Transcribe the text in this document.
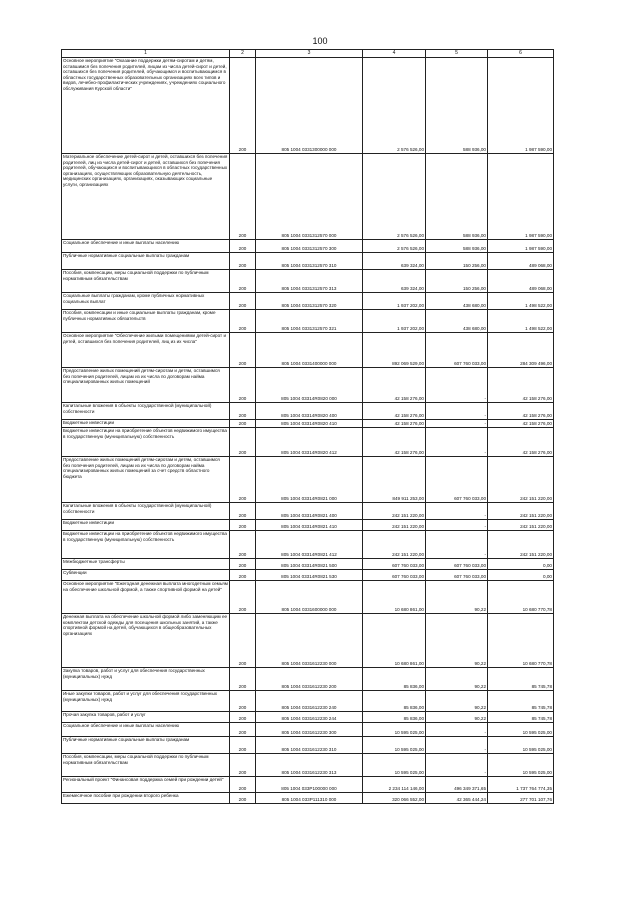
100
1	2	3	4	5	6
Основное мероприятие "Оказание поддержки детям-сиротам и детям, оставшимся без попечения родителей, лицам из числа детей-сирот и детей, оставшихся без попечения родителей, обучающимся и воспитывающимся в областных государственных образовательных организациях всех типов и видов, лечебно-профилактических учреждениях, учреждениях социального обслуживания Курской области"	200	805 1004 0331300000 000	2 576 526,00	588 936,00	1 987 590,00
Материальное обеспечение детей-сирот и детей, оставшихся без попечения родителей, лиц из числа детей-сирот и детей, оставшихся без попечения родителей, обучающихся и воспитывающихся в областных государственных организациях, осуществляющих образовательную деятельность, медицинских организациях, организациях, оказывающих социальные услуги, организациях	200	805 1004 0331312570 000	2 576 526,00	588 936,00	1 987 590,00
Социальное обеспечение и иные выплаты населению	200	805 1004 0331312570 300	2 576 526,00	588 936,00	1 987 590,00
Публичные нормативные социальные выплаты гражданам	200	805 1004 0331312570 310	639 324,00	150 256,00	489 068,00
Пособия, компенсации, меры социальной поддержки по публичным нормативным обязательствам	200	805 1004 0331312570 313	639 324,00	150 256,00	489 068,00
Социальные выплаты гражданам, кроме публичных нормативных социальных выплат	200	805 1004 0331312570 320	1 937 202,00	438 680,00	1 498 522,00
Пособия, компенсации и иные социальные выплаты гражданам, кроме публичных нормативных обязательств	200	805 1004 0331312570 321	1 937 202,00	438 680,00	1 498 522,00
Основное мероприятие "Обеспечение жилыми помещениями детей-сирот и детей, оставшихся без попечения родителей, лиц из их числа"	200	805 1004 0331400000 000	892 069 529,00	607 760 033,00	284 309 496,00
Предоставление жилых помещений детям-сиротам и детям, оставшимся без попечения родителей, лицам из их числа по договорам найма специализированных жилых помещений	200	805 1004 03314R0820 000	42 158 276,00	-	42 158 276,00
Капитальные вложения в объекты государственной (муниципальной) собственности	200	805 1004 03314R0820 400	42 158 276,00	-	42 158 276,00
Бюджетные инвестиции	200	805 1004 03314R0820 410	42 158 276,00	-	42 158 276,00
Бюджетные инвестиции на приобретение объектов недвижимого имущества в государственную (муниципальную) собственность	200	805 1004 03314R0820 412	42 158 276,00	-	42 158 276,00
Предоставление жилых помещений детям-сиротам и детям, оставшимся без попечения родителей, лицам из их числа по договорам найма специализированных жилых помещений за счет средств областного бюджета	200	805 1004 03314R0821 000	849 911 253,00	607 760 033,00	242 151 220,00
Капитальные вложения в объекты государственной (муниципальной) собственности	200	805 1004 03314R0821 400	242 151 220,00	-	242 151 220,00
Бюджетные инвестиции	200	805 1004 03314R0821 410	242 151 220,00	-	242 151 220,00
Бюджетные инвестиции на приобретение объектов недвижимого имущества в государственную (муниципальную) собственность	200	805 1004 03314R0821 412	242 151 220,00	-	242 151 220,00
Межбюджетные трансферты	200	805 1004 03314R0821 500	607 760 033,00	607 760 033,00	0,00
Субвенции	200	805 1004 03314R0821 530	607 760 033,00	607 760 033,00	0,00
Основное мероприятие "Ежегодная денежная выплата многодетным семьям на обеспечение школьной формой, а также спортивной формой на детей"	200	805 1004 0331600000 000	10 680 861,00	90,22	10 680 770,78
Денежная выплата на обеспечение школьной формой либо заменяющим ее комплектом детской одежды для посещения школьных занятий, а также спортивной формой на детей, обучающихся в общеобразовательных организациях	200	805 1004 0331612230 000	10 680 861,00	90,22	10 680 770,78
Закупка товаров, работ и услуг для обеспечения государственных (муниципальных) нужд	200	805 1004 0331612230 200	85 836,00	90,22	85 745,78
Иные закупки товаров, работ и услуг для обеспечения государственных (муниципальных) нужд	200	805 1004 0331612230 240	85 836,00	90,22	85 745,78
Прочая закупка товаров, работ и услуг	200	805 1004 0331612230 244	85 836,00	90,22	85 745,78
Социальное обеспечение и иные выплаты населению	200	805 1004 0331612230 300	10 595 025,00	-	10 595 025,00
Публичные нормативные социальные выплаты гражданам	200	805 1004 0331612230 310	10 595 025,00	-	10 595 025,00
Пособия, компенсации, меры социальной поддержки по публичным нормативным обязательствам	200	805 1004 0331612230 313	10 595 025,00	-	10 595 025,00
Региональный проект "Финансовая поддержка семей при рождении детей"	200	805 1004 033P100000 000	2 234 114 146,00	496 349 371,65	1 737 764 774,35
Ежемесячное пособие при рождении второго ребенка	200	805 1004 033P111310 000	320 066 552,00	42 365 444,24	277 701 107,76
